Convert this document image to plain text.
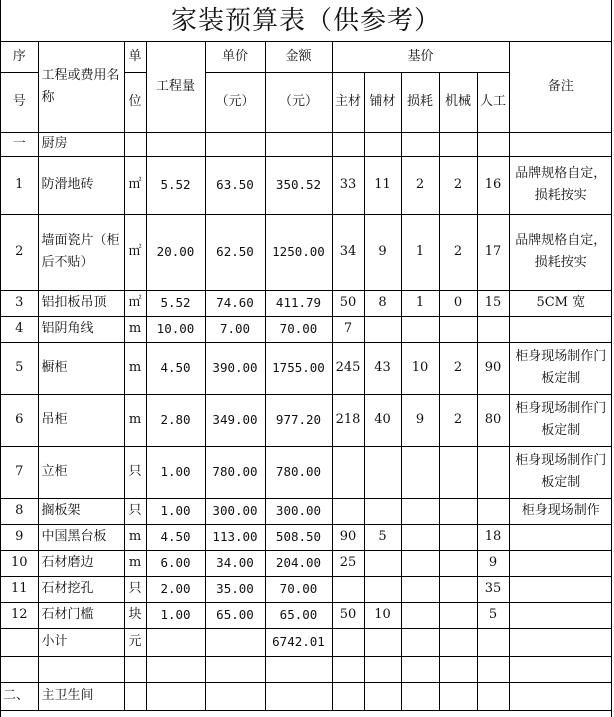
家装预算表（供参考）
序	工程或费用名称	单	工程量	单价	金额	基价					备注
号		位		（元）	（元）	主材	铺材	损耗	机械	人工	

一	厨房										
1	防滑地砖	㎡	5.52	63.50	350.52	33	11	2	2	16	品牌规格自定，损耗按实
2	墙面瓷片（柜后不贴）	㎡	20.00	62.50	1250.00	34	9	1	2	17	品牌规格自定，损耗按实
3	铝扣板吊顶	㎡	5.52	74.60	411.79	50	8	1	0	15	5CM 宽
4	铝阴角线	m	10.00	7.00	70.00	7					
5	橱柜	m	4.50	390.00	1755.00	245	43	10	2	90	柜身现场制作门板定制
6	吊柜	m	2.80	349.00	977.20	218	40	9	2	80	柜身现场制作门板定制
7	立柜	只	1.00	780.00	780.00						柜身现场制作门板定制
8	搁板架	只	1.00	300.00	300.00						柜身现场制作
9	中国黑台板	m	4.50	113.00	508.50	90	5			18	
10	石材磨边	m	6.00	34.00	204.00	25				9	
11	石材挖孔	只	2.00	35.00	70.00					35	
12	石材门槛	块	1.00	65.00	65.00	50	10			5	
	小计	元			6742.01						

二、	主卫生间										
